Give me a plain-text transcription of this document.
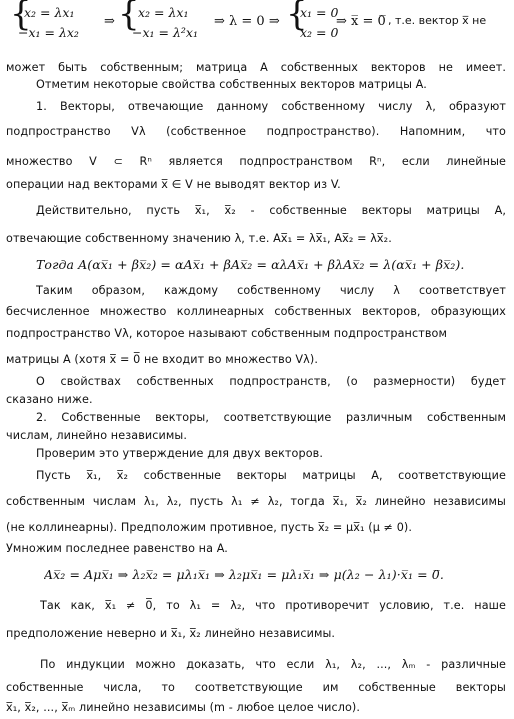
{
x₂ = λx₁
−x₁ = λx₂
⇒ {
x₂ = λx₁
−x₁ = λ²x₁
⇒ λ = 0 ⇒ {
x₁ = 0
x₂ = 0
⇒ x̅ = 0̅ , т.е. вектор x̅ не
может быть собственным; матрица A собственных векторов не имеет.
Отметим некоторые свойства собственных векторов матрицы A.
1. Векторы, отвечающие данному собственному числу λ, образуют
подпространство Vλ (собственное подпространство). Напомним, что
множество V ⊂ Rⁿ является подпространством Rⁿ, если линейные
операции над векторами x̅ ∈ V не выводят вектор из V.
Действительно, пусть x̅₁, x̅₂ - собственные векторы матрицы A,
отвечающие собственному значению λ, т.е. Ax̅₁ = λx̅₁, Ax̅₂ = λx̅₂.
Тогда A(αx̅₁ + βx̅₂) = αAx̅₁ + βAx̅₂ = αλAx̅₁ + βλAx̅₂ = λ(αx̅₁ + βx̅₂).
Таким образом, каждому собственному числу λ соответствует
бесчисленное множество коллинеарных собственных векторов, образующих
подпространство Vλ, которое называют собственным подпространством
матрицы A (хотя x̅ = 0̅ не входит во множество Vλ).
О свойствах собственных подпространств, (о размерности) будет
сказано ниже.
2. Собственные векторы, соответствующие различным собственным
числам, линейно независимы.
Проверим это утверждение для двух векторов.
Пусть x̅₁, x̅₂ собственные векторы матрицы A, соответствующие
собственным числам λ₁, λ₂, пусть λ₁ ≠ λ₂, тогда x̅₁, x̅₂ линейно независимы
(не коллинеарны). Предположим противное, пусть x̅₂ = μx̅₁ (μ ≠ 0).
Умножим последнее равенство на A.
Ax̅₂ = Aμx̅₁ ⇒ λ₂x̅₂ = μλ₁x̅₁ ⇒ λ₂μx̅₁ = μλ₁x̅₁ ⇒ μ(λ₂ − λ₁)·x̅₁ = 0̅.
Так как, x̅₁ ≠ 0̅, то λ₁ = λ₂, что противоречит условию, т.е. наше
предположение неверно и x̅₁, x̅₂ линейно независимы.
По индукции можно доказать, что если λ₁, λ₂, ..., λₘ - различные
собственные числа, то соответствующие им собственные векторы
x̅₁, x̅₂, ..., x̅ₘ линейно независимы (m - любое целое число).
